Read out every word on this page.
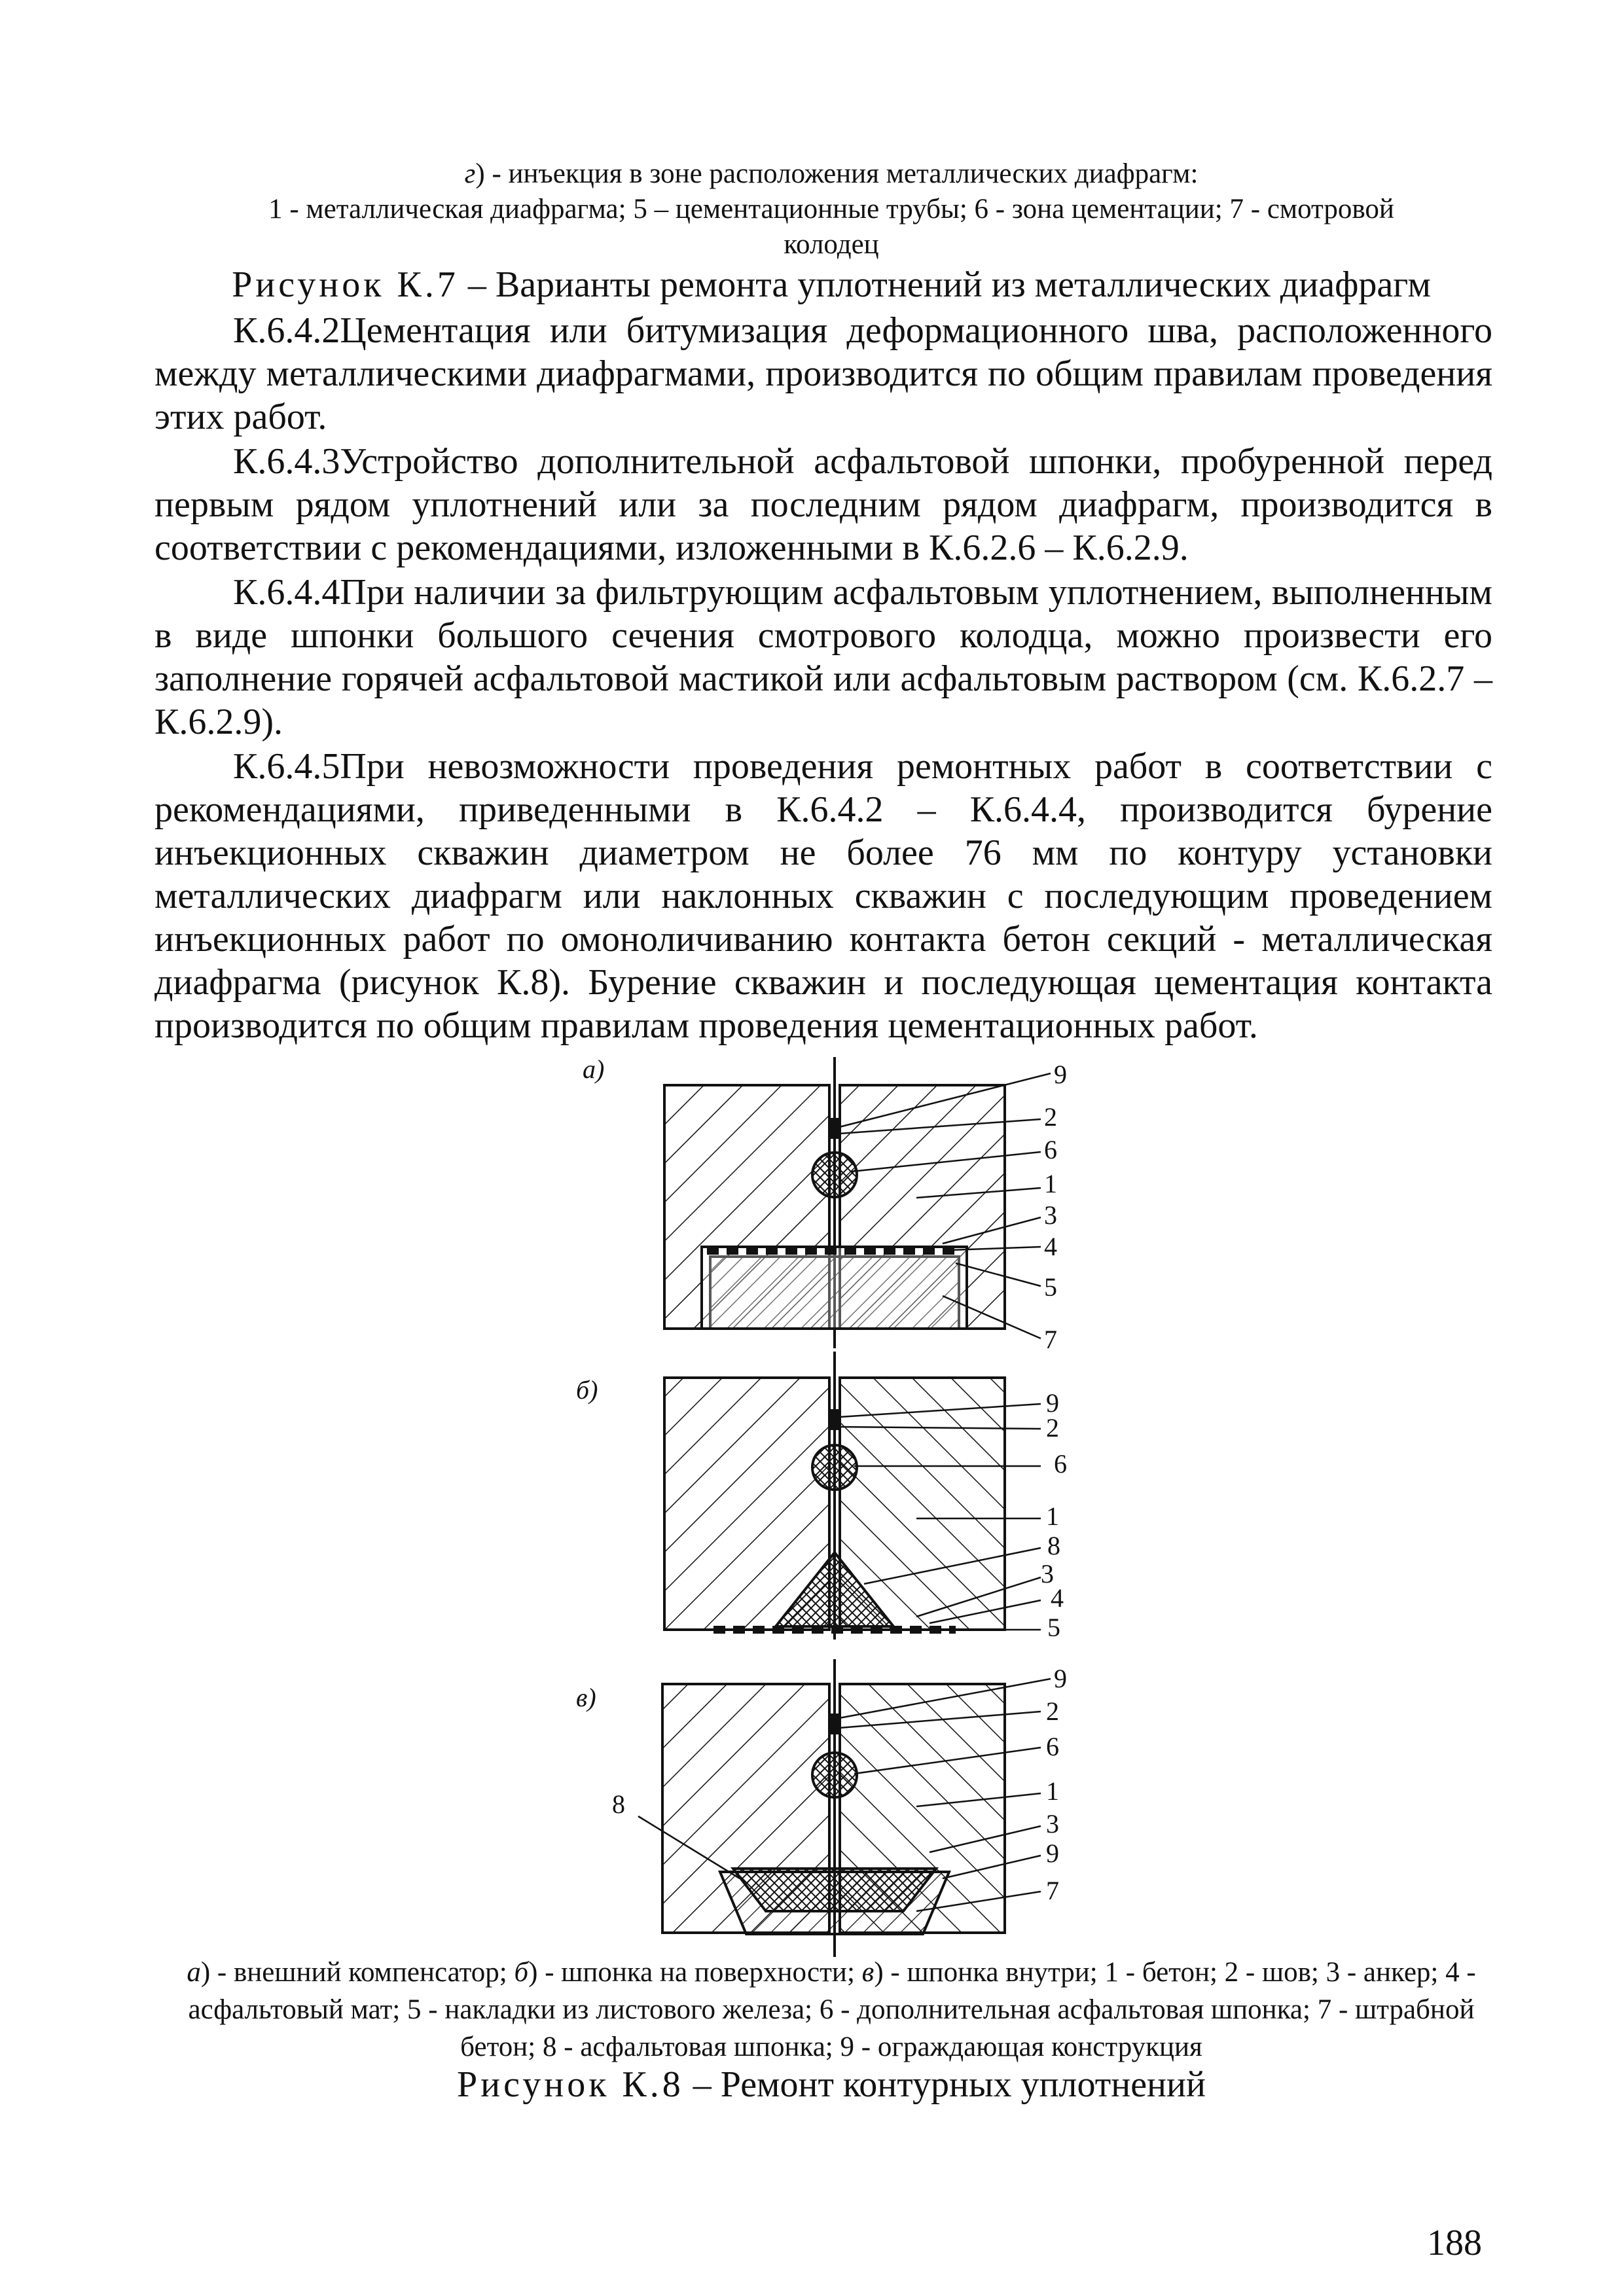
г) - инъекция в зоне расположения металлических диафрагм:
1 - металлическая диафрагма; 5 – цементационные трубы; 6 - зона цементации; 7 - смотровой
колодец
Рисунок К.7 – Варианты ремонта уплотнений из металлических диафрагм
К.6.4.2Цементация или битумизация деформационного шва, расположенного между металлическими диафрагмами, производится по общим правилам проведения этих работ.
К.6.4.3Устройство дополнительной асфальтовой шпонки, пробуренной перед первым рядом уплотнений или за последним рядом диафрагм, производится в соответствии с рекомендациями, изложенными в К.6.2.6 – К.6.2.9.
К.6.4.4При наличии за фильтрующим асфальтовым уплотнением, выполненным в виде шпонки большого сечения смотрового колодца, можно произвести его заполнение горячей асфальтовой мастикой или асфальтовым раствором (см. К.6.2.7 – К.6.2.9).
К.6.4.5При невозможности проведения ремонтных работ в соответствии с рекомендациями, приведенными в К.6.4.2 – К.6.4.4, производится бурение инъекционных скважин диаметром не более 76 мм по контуру установки металлических диафрагм или наклонных скважин с последующим проведением инъекционных работ по омоноличиванию контакта бетон секций - металлическая диафрагма (рисунок К.8). Бурение скважин и последующая цементация контакта производится по общим правилам проведения цементационных работ.
а)
б)
в)
9
2
6
1
3
4
5
7
9
2
6
1
8
3
4
5
9
2
6
1
3
9
7
8
а) - внешний компенсатор; б) - шпонка на поверхности; в) - шпонка внутри; 1 - бетон; 2 - шов; 3 - анкер; 4 - асфальтовый мат; 5 - накладки из листового железа; 6 - дополнительная асфальтовая шпонка; 7 - штрабной бетон; 8 - асфальтовая шпонка; 9 - ограждающая конструкция
Рисунок К.8 – Ремонт контурных уплотнений
188
